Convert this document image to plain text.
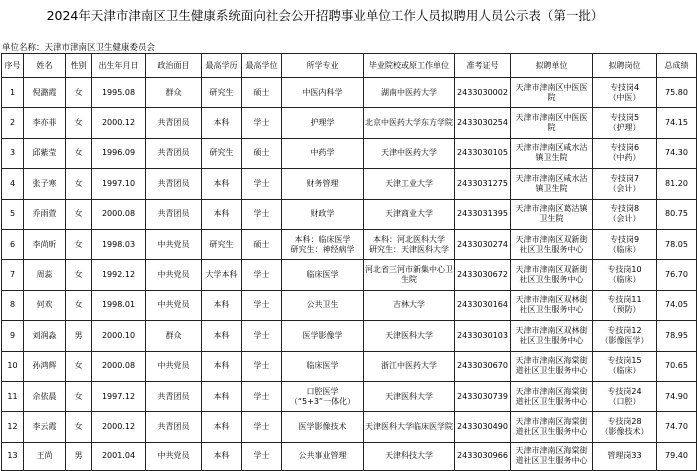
2024年天津市津南区卫生健康系统面向社会公开招聘事业单位工作人员拟聘用人员公示表（第一批）
单位名称：天津市津南区卫生健康委员会
序号	姓名	性别	出生年月日	政治面目	最高学历	最高学位	所学专业	毕业院校或原工作单位	准考证号	拟聘单位	拟聘岗位	总成绩
1	倪潞霞	女	1995.08	群众	研究生	硕士	中医内科学	湖南中医药大学	2433030002	天津市津南区中医医院	专技岗4
（中医）	75.80
2	李亦菲	女	2000.12	共青团员	本科	学士	护理学	北京中医药大学东方学院	2433030254	天津市津南区中医医院	专技岗5
（护理）	74.15
3	邱紫莹	女	1996.09	共青团员	研究生	硕士	中药学	天津中医药大学	2433030105	天津市津南区咸水沽镇卫生院	专技岗6
（中药）	74.30
4	张子寒	女	1997.10	共青团员	本科	学士	财务管理	天津工业大学	2433031275	天津市津南区咸水沽镇卫生院	专技岗7
（会计）	81.20
5	乔雨萱	女	2000.08	共青团员	本科	学士	财政学	天津商业大学	2433031395	天津市津南区葛沽镇卫生院	专技岗8
（会计）	80.75
6	李尚昕	女	1998.03	中共党员	研究生	硕士	本科：临床医学
研究生：神经病学	本科：河北医科大学
研究生：天津医科大学	2433030274	天津市津南区双新街社区卫生服务中心	专技岗9
（临床）	78.05
7	周蕊	女	1992.12	中共党员	大学本科	学士	临床医学	河北省三河市新集中心卫生院	2433030672	天津市津南区双新街社区卫生服务中心	专技岗10
（临床）	76.70
8	何欢	女	1998.01	中共党员	本科	学士	公共卫生	吉林大学	2433030164	天津市津南区双林街社区卫生服务中心	专技岗11
（预防）	74.05
9	刘润淼	男	2000.10	群众	本科	学士	医学影像学	天津医科大学	2433030103	天津市津南区双林街社区卫生服务中心	专技岗12
（影像医学）	78.95
10	孙鸿辉	女	2000.08	中共党员	本科	学士	临床医学	浙江中医药大学	2433030670	天津市津南区海棠街道社区卫生服务中心	专技岗15
（临床）	70.65
11	佘依晨	女	1997.12	共青团员	本科	学士	口腔医学
（“5+3”一体化）	天津医科大学	2433030739	天津市津南区海棠街道社区卫生服务中心	专技岗24
（口腔）	74.90
12	李云霞	女	2000.12	共青团员	本科	学士	医学影像技术	天津医科大学临床医学院	2433030490	天津市津南区海棠街道社区卫生服务中心	专技岗28
（影像技术）	74.70
13	王尚	男	2001.04	中共党员	本科	学士	公共事业管理	天津科技大学	2433030966	天津市津南区海棠街道社区卫生服务中心	管理岗33	79.40
